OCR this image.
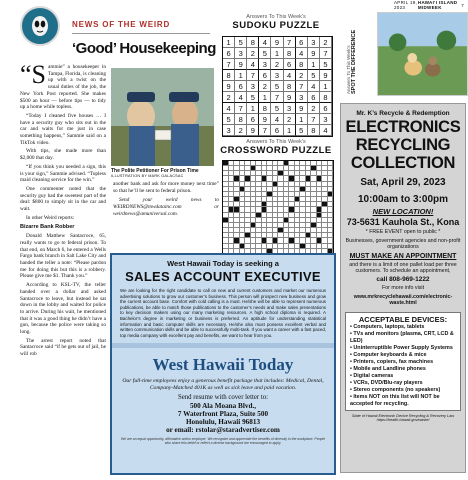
APRIL 19, 2023
HAWAI‘I ISLAND MIDWEEK	7
NEWS OF THE WEIRD
‘Good’ Housekeeping
“S ammie” a housekeeper in Tampa, Florida, is cleaning up with a twist on the usual duties of the job, the New York Post reported. She makes $500 an hour — before tips — to tidy up a home while topless.

“Today I cleaned five houses … I have a security guy who sits out in the car and waits for me just in case something happens,” Sammie said on a TikTok video.

With tips, she made more than $2,000 that day.

“If you think you needed a sign, this is your sign,” Sammie advised. “Topless maid cleaning service for the win.”

One commenter noted that the security guy had the sweetest part of the deal: $800 to simply sit in the car and wait.

In other Weird reports:

Bizarre Bank Robber

Donald Matthew Santacroce, 65, really wants to go to federal prison. To that end, on March 6, he entered a Wells Fargo bank branch in Salt Lake City and handed the teller a note: “Please pardon me for doing this but this is a robbery. Please give me $1. Thank you.”

According to KSL-TV, the teller handed over a dollar and asked Santacroce to leave, but instead he sat down in the lobby and waited for police to arrive. During his wait, he mentioned that it was a good thing he didn’t have a gun, because the police were taking so long.

The arrest report noted that Santacroce said “if he gets out of jail, he will rob

The Polite Petitioner For Prison Time
ILLUSTRATION BY MARK GALACSAC

another bank and ask for more money next time” so that he’ll be sent to federal prison.

Send your weird news to WEIRDNEWS@mwdatainc.com or weirdnews@amuniversal.com.

Answers To This Week's
SUDOKU PUZZLE
1	5	8	4	9	7	6	3	2
6	3	2	5	1	8	4	9	7
7	9	4	3	2	6	8	1	5
8	1	7	6	3	4	2	5	9
9	6	3	2	5	8	7	4	1
2	4	5	1	7	9	3	6	8
4	7	1	8	5	3	9	2	6
5	8	6	9	4	2	1	7	3
3	2	9	7	6	1	5	8	4
Answers To This Week's
CROSSWORD PUZZLE
Answers To This Week's SPOT THE DIFFERENCE
Mr. K’s Recycle & Redemption
ELECTRONICS
RECYCLING
COLLECTION
Sat, April 29, 2023
10:00am to 3:00pm
NEW LOCATION!
73-5631 Kauhola St., Kona
* FREE EVENT open to public *
Businesses, government agencies and non-profit organizations
MUST MAKE AN APPOINTMENT
and there is a limit of one pallet load per three customers. To schedule an appointment,
call 808-969-1222
For more info visit
www.mrkrecyclehawaii.com/electronic-waste.html
ACCEPTABLE DEVICES:
• Computers, laptops, tablets
• TVs and monitors (plasma, CRT, LCD & LED)
• Uninterruptible Power Supply Systems
• Computer keyboards & mice
• Printers, copiers, fax machines
• Mobile and Landline phones
• Digital cameras
• VCRs, DVD/Blu-ray players
• Stereo components (no speakers)
• Items NOT on this list will NOT be accepted for recycling.
State of Hawaii Electronic Device Recycling & Recovery Law https://health.hawaii.gov/waste/
West Hawaii Today is seeking a
SALES ACCOUNT EXECUTIVE
We are looking for the right candidate to call on new and current customers and market our numerous advertising solutions to grow our customer’s business. This person will prospect new business and grow the current account base. Comfort with cold calling is a must. He/she will be able to represent numerous publications, be able to match those publications to the customer’s needs and make sales presentations to key decision makers using our many marketing resources. A high school diploma is required. A Bachelor’s degree in marketing or business is preferred. An aptitude for understanding statistical information and basic computer skills are necessary. He/she also must possess excellent verbal and written communication skills and be able to successfully multi-task. If you want a career with a fast paced, top media company with excellent pay and benefits, we want to hear from you.
West Hawaii Today
Our full-time employees enjoy a generous benefit package that includes: Medical, Dental, Company-Matched 401K as well as sick leave and paid vacation.
Send resume with cover letter to:
500 Ala Moana Blvd.,
7 Waterfront Plaza, Suite 500
Honolulu, Hawaii 96813
or email: rstolar@staradvertiser.com
We are an equal opportunity, affirmative action employer. We recognize and appreciate the benefits of diversity in the workplace. People who share this belief or reflect a diverse background are encouraged to apply.
